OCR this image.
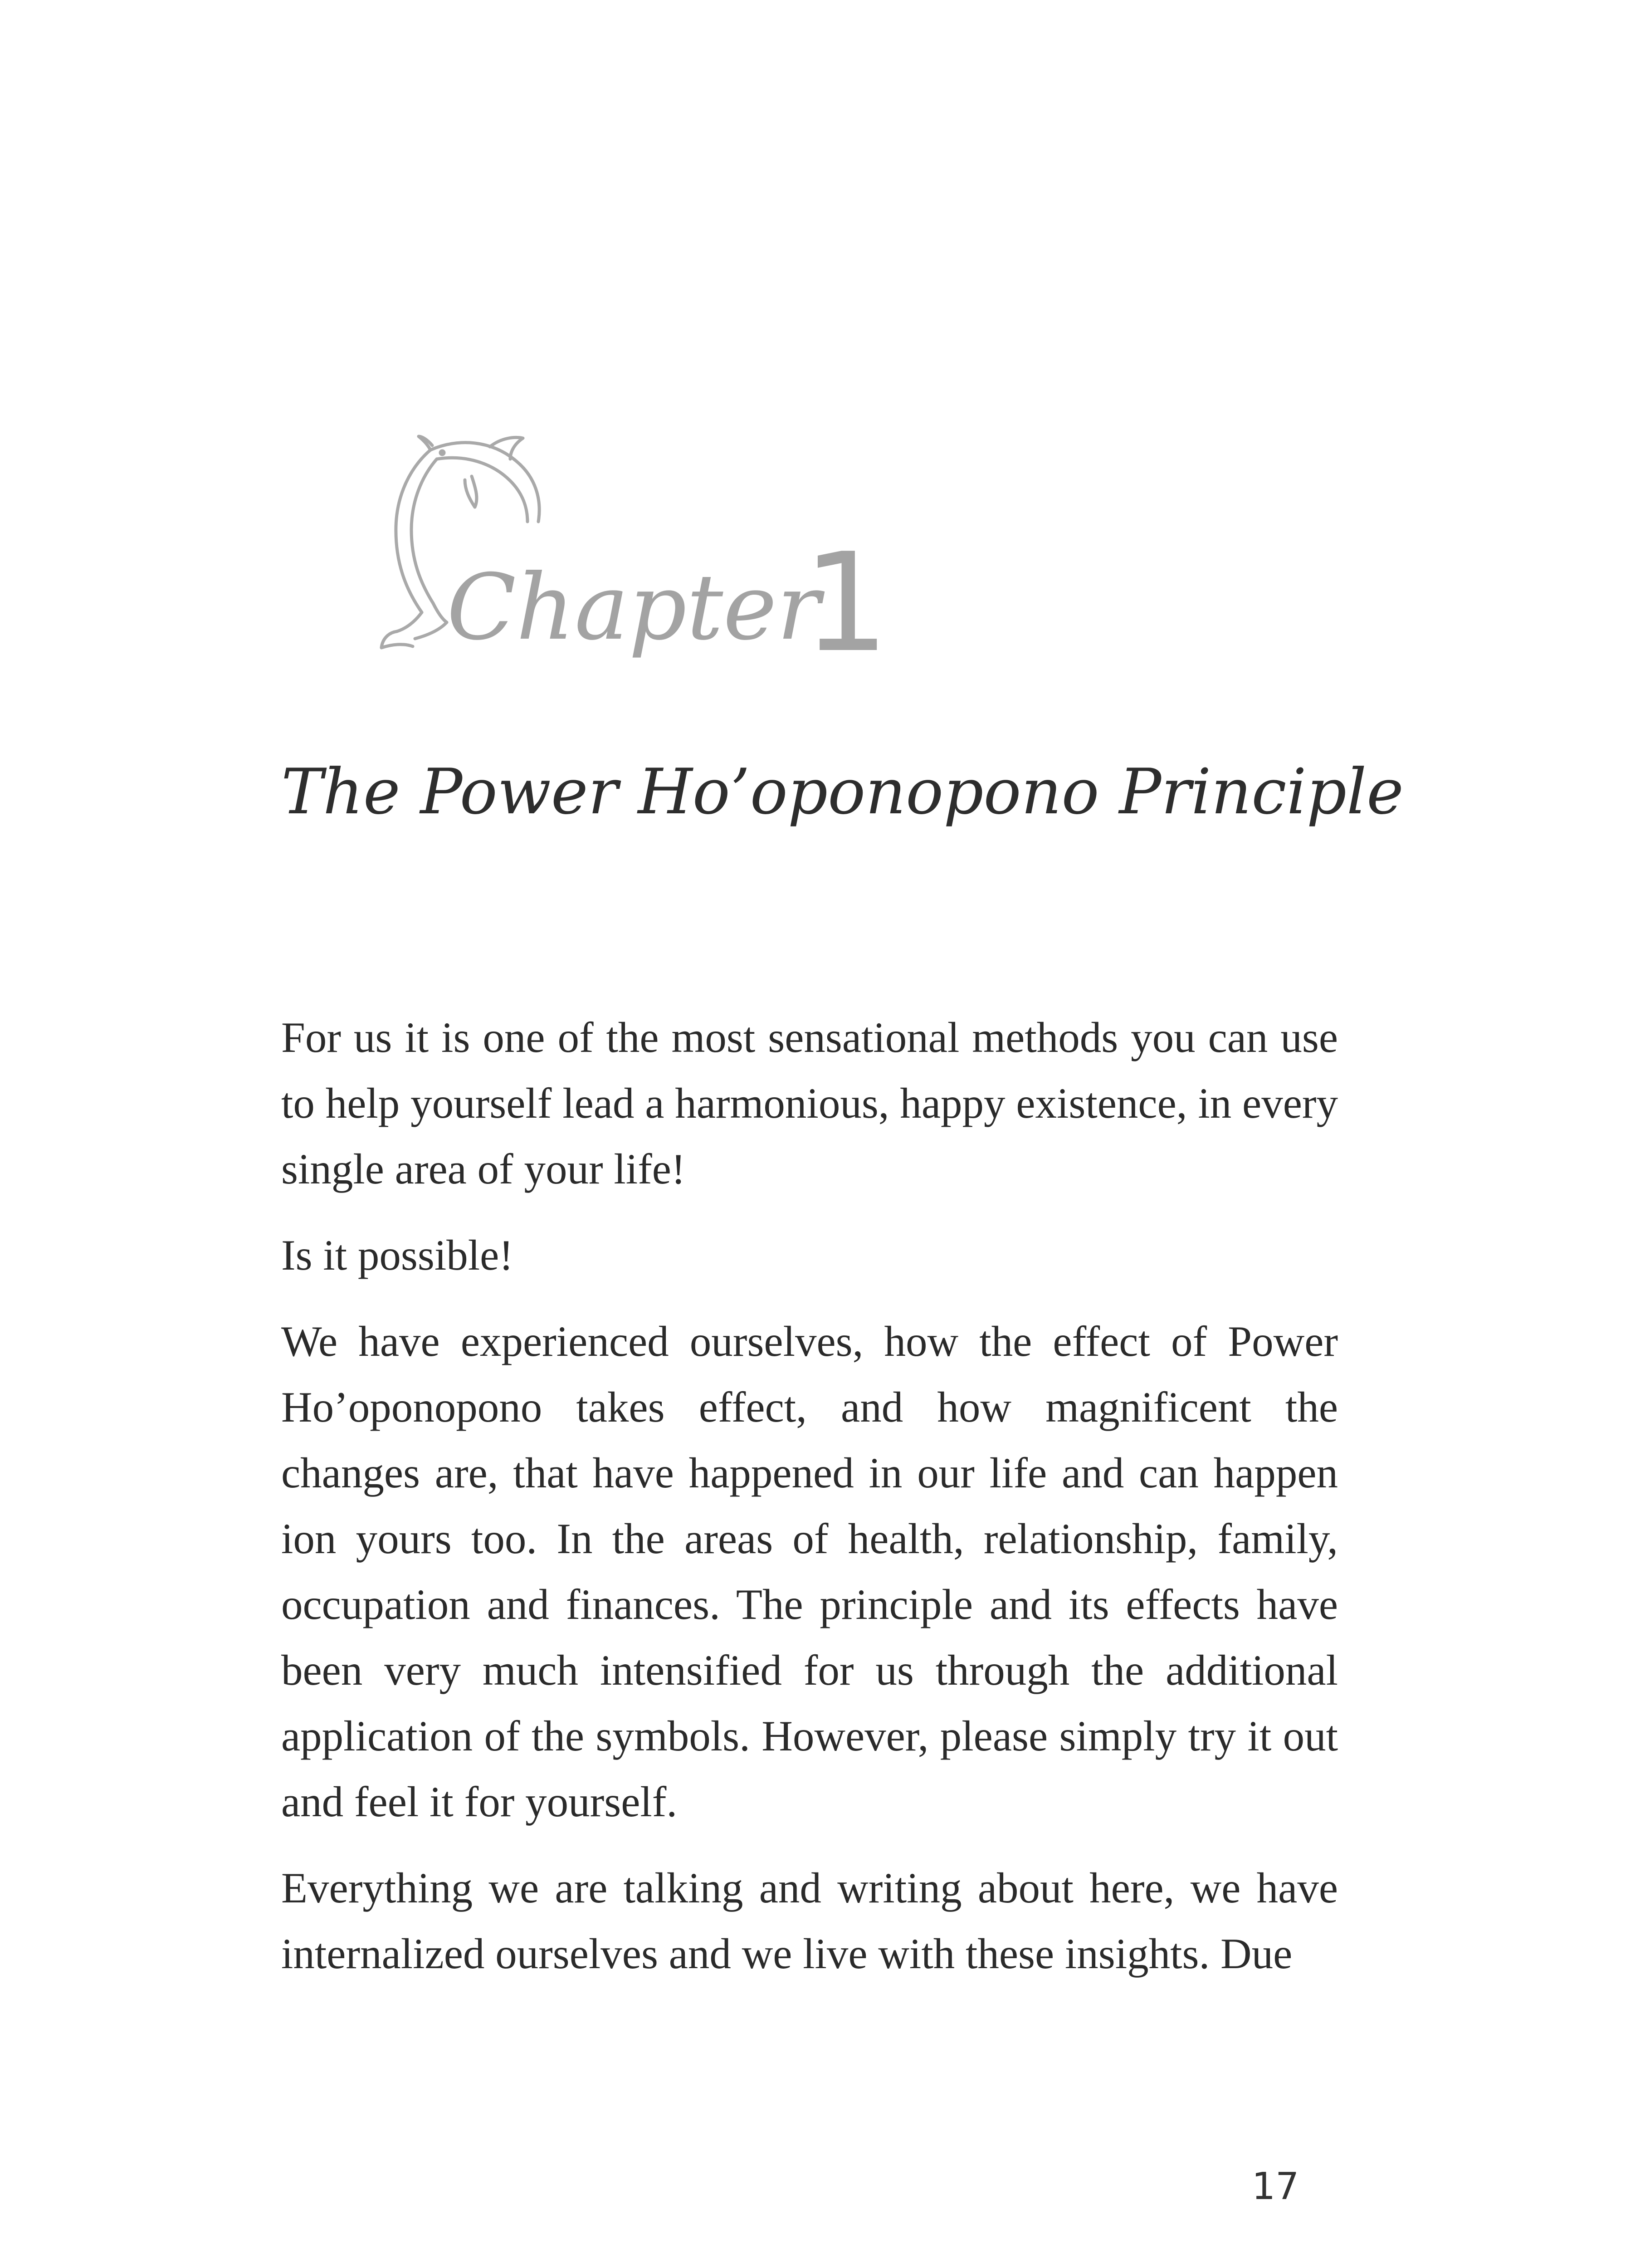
Chapter
1
The Power Ho’oponopono Principle

For us it is one of the most sensational methods you can use to help yourself lead a harmonious, happy existence, in every single area of your life!

Is it possible!

We have experienced ourselves, how the effect of Power Ho’oponopono takes effect, and how magnificent the changes are, that have happened in our life and can happen ion yours too. In the areas of health, relationship, family, occupation and finances. The principle and its effects have been very much intensified for us through the additional application of the symbols. However, please simply try it out and feel it for yourself.

Everything we are talking and writing about here, we have internalized ourselves and we live with these insights. Due

17
